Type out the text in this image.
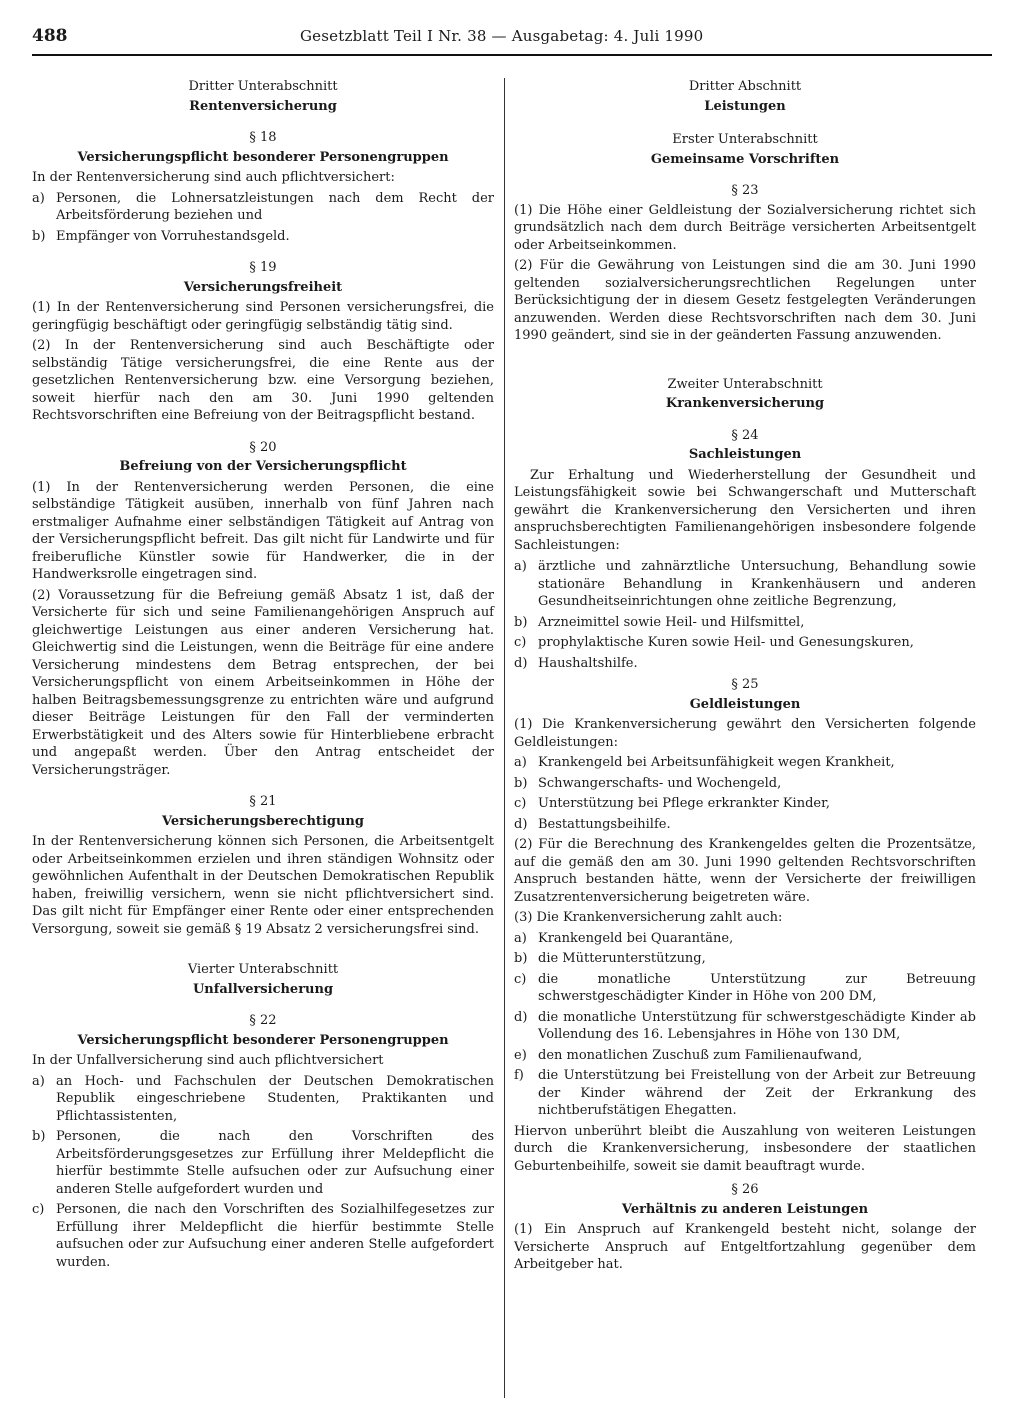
488	Gesetzblatt Teil I Nr. 38 — Ausgabetag: 4. Juli 1990
Dritter Unterabschnitt
Rentenversicherung
§ 18
Versicherungspflicht besonderer Personengruppen
In der Rentenversicherung sind auch pflichtversichert:
a) Personen, die Lohnersatzleistungen nach dem Recht der Arbeitsförderung beziehen und
b) Empfänger von Vorruhestandsgeld.
§ 19
Versicherungsfreiheit
(1) In der Rentenversicherung sind Personen versicherungsfrei, die geringfügig beschäftigt oder geringfügig selbständig tätig sind.
(2) In der Rentenversicherung sind auch Beschäftigte oder selbständig Tätige versicherungsfrei, die eine Rente aus der gesetzlichen Rentenversicherung bzw. eine Versorgung beziehen, soweit hierfür nach den am 30. Juni 1990 geltenden Rechtsvorschriften eine Befreiung von der Beitragspflicht bestand.
§ 20
Befreiung von der Versicherungspflicht
(1) In der Rentenversicherung werden Personen, die eine selbständige Tätigkeit ausüben, innerhalb von fünf Jahren nach erstmaliger Aufnahme einer selbständigen Tätigkeit auf Antrag von der Versicherungspflicht befreit. Das gilt nicht für Landwirte und für freiberufliche Künstler sowie für Handwerker, die in der Handwerksrolle eingetragen sind.
(2) Voraussetzung für die Befreiung gemäß Absatz 1 ist, daß der Versicherte für sich und seine Familienangehörigen Anspruch auf gleichwertige Leistungen aus einer anderen Versicherung hat. Gleichwertig sind die Leistungen, wenn die Beiträge für eine andere Versicherung mindestens dem Betrag entsprechen, der bei Versicherungspflicht von einem Arbeitseinkommen in Höhe der halben Beitragsbemessungsgrenze zu entrichten wäre und aufgrund dieser Beiträge Leistungen für den Fall der verminderten Erwerbstätigkeit und des Alters sowie für Hinterbliebene erbracht und angepaßt werden. Über den Antrag entscheidet der Versicherungsträger.
§ 21
Versicherungsberechtigung
In der Rentenversicherung können sich Personen, die Arbeitsentgelt oder Arbeitseinkommen erzielen und ihren ständigen Wohnsitz oder gewöhnlichen Aufenthalt in der Deutschen Demokratischen Republik haben, freiwillig versichern, wenn sie nicht pflichtversichert sind. Das gilt nicht für Empfänger einer Rente oder einer entsprechenden Versorgung, soweit sie gemäß § 19 Absatz 2 versicherungsfrei sind.
Vierter Unterabschnitt
Unfallversicherung
§ 22
Versicherungspflicht besonderer Personengruppen
In der Unfallversicherung sind auch pflichtversichert
a) an Hoch- und Fachschulen der Deutschen Demokratischen Republik eingeschriebene Studenten, Praktikanten und Pflichtassistenten,
b) Personen, die nach den Vorschriften des Arbeitsförderungsgesetzes zur Erfüllung ihrer Meldepflicht die hierfür bestimmte Stelle aufsuchen oder zur Aufsuchung einer anderen Stelle aufgefordert wurden und
c) Personen, die nach den Vorschriften des Sozialhilfegesetzes zur Erfüllung ihrer Meldepflicht die hierfür bestimmte Stelle aufsuchen oder zur Aufsuchung einer anderen Stelle aufgefordert wurden.
Dritter Abschnitt
Leistungen
Erster Unterabschnitt
Gemeinsame Vorschriften
§ 23
(1) Die Höhe einer Geldleistung der Sozialversicherung richtet sich grundsätzlich nach dem durch Beiträge versicherten Arbeitsentgelt oder Arbeitseinkommen.
(2) Für die Gewährung von Leistungen sind die am 30. Juni 1990 geltenden sozialversicherungsrechtlichen Regelungen unter Berücksichtigung der in diesem Gesetz festgelegten Veränderungen anzuwenden. Werden diese Rechtsvorschriften nach dem 30. Juni 1990 geändert, sind sie in der geänderten Fassung anzuwenden.
Zweiter Unterabschnitt
Krankenversicherung
§ 24
Sachleistungen
Zur Erhaltung und Wiederherstellung der Gesundheit und Leistungsfähigkeit sowie bei Schwangerschaft und Mutterschaft gewährt die Krankenversicherung den Versicherten und ihren anspruchsberechtigten Familienangehörigen insbesondere folgende Sachleistungen:
a) ärztliche und zahnärztliche Untersuchung, Behandlung sowie stationäre Behandlung in Krankenhäusern und anderen Gesundheitseinrichtungen ohne zeitliche Begrenzung,
b) Arzneimittel sowie Heil- und Hilfsmittel,
c) prophylaktische Kuren sowie Heil- und Genesungskuren,
d) Haushaltshilfe.
§ 25
Geldleistungen
(1) Die Krankenversicherung gewährt den Versicherten folgende Geldleistungen:
a) Krankengeld bei Arbeitsunfähigkeit wegen Krankheit,
b) Schwangerschafts- und Wochengeld,
c) Unterstützung bei Pflege erkrankter Kinder,
d) Bestattungsbeihilfe.
(2) Für die Berechnung des Krankengeldes gelten die Prozentsätze, auf die gemäß den am 30. Juni 1990 geltenden Rechtsvorschriften Anspruch bestanden hätte, wenn der Versicherte der freiwilligen Zusatzrentenversicherung beigetreten wäre.
(3) Die Krankenversicherung zahlt auch:
a) Krankengeld bei Quarantäne,
b) die Mütterunterstützung,
c) die monatliche Unterstützung zur Betreuung schwerstgeschädigter Kinder in Höhe von 200 DM,
d) die monatliche Unterstützung für schwerstgeschädigte Kinder ab Vollendung des 16. Lebensjahres in Höhe von 130 DM,
e) den monatlichen Zuschuß zum Familienaufwand,
f)	die Unterstützung bei Freistellung von der Arbeit zur Betreuung der Kinder während der Zeit der Erkrankung des nichtberufstätigen Ehegatten.
Hiervon unberührt bleibt die Auszahlung von weiteren Leistungen durch die Krankenversicherung, insbesondere der staatlichen Geburtenbeihilfe, soweit sie damit beauftragt wurde.
§ 26
Verhältnis zu anderen Leistungen
(1) Ein Anspruch auf Krankengeld besteht nicht, solange der Versicherte Anspruch auf Entgeltfortzahlung gegenüber dem Arbeitgeber hat.
